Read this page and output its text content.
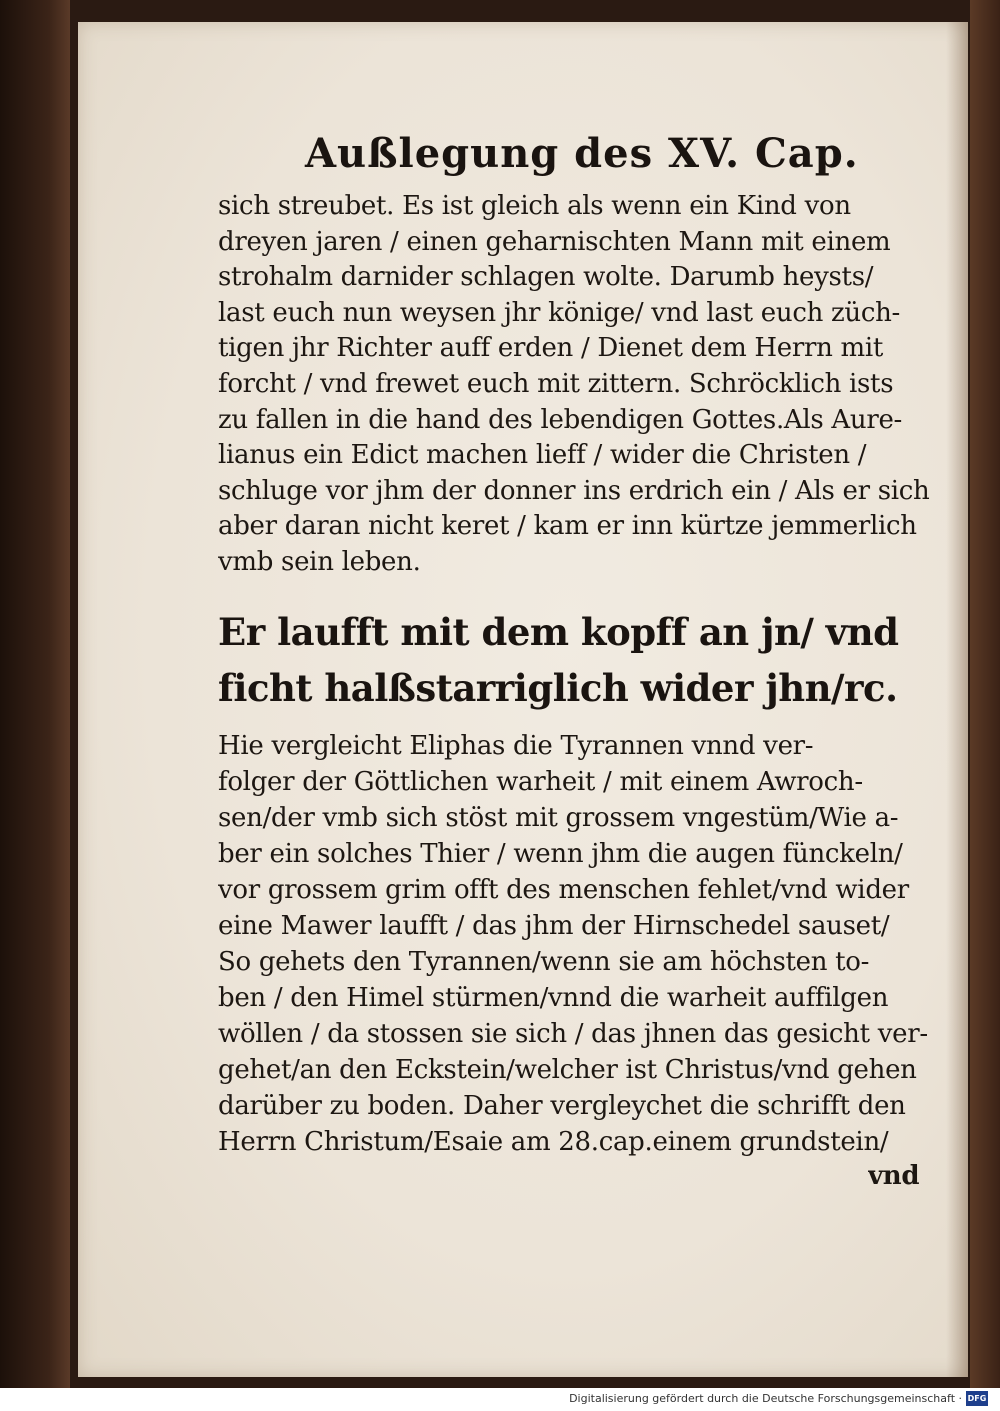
Außlegung des XV. Cap.
sich streubet. Es ist gleich als wenn ein Kind von
dreyen jaren / einen geharnischten Mann mit einem
strohalm darnider schlagen wolte. Darumb heysts/
last euch nun weysen jhr könige/ vnd last euch züch-
tigen jhr Richter auff erden / Dienet dem Herrn mit
forcht / vnd frewet euch mit zittern. Schröcklich ists
zu fallen in die hand des lebendigen Gottes.Als Aure-
lianus ein Edict machen lieff / wider die Christen /
schluge vor jhm der donner ins erdrich ein / Als er sich
aber daran nicht keret / kam er inn kürtze jemmerlich
vmb sein leben.
Er laufft mit dem kopff an jn/ vnd
ficht halßstarriglich wider jhn/rc.
Hie vergleicht Eliphas die Tyrannen vnnd ver-
folger der Göttlichen warheit / mit einem Awroch-
sen/der vmb sich stöst mit grossem vngestüm/Wie a-
ber ein solches Thier / wenn jhm die augen fünckeln/
vor grossem grim offt des menschen fehlet/vnd wider
eine Mawer laufft / das jhm der Hirnschedel sauset/
So gehets den Tyrannen/wenn sie am höchsten to-
ben / den Himel stürmen/vnnd die warheit auffilgen
wöllen / da stossen sie sich / das jhnen das gesicht ver-
gehet/an den Eckstein/welcher ist Christus/vnd gehen
darüber zu boden. Daher vergleychet die schrifft den
Herrn Christum/Esaie am 28.cap.einem grundstein/
vnd
Digitalisierung gefördert durch die Deutsche Forschungsgemeinschaft · DFG
